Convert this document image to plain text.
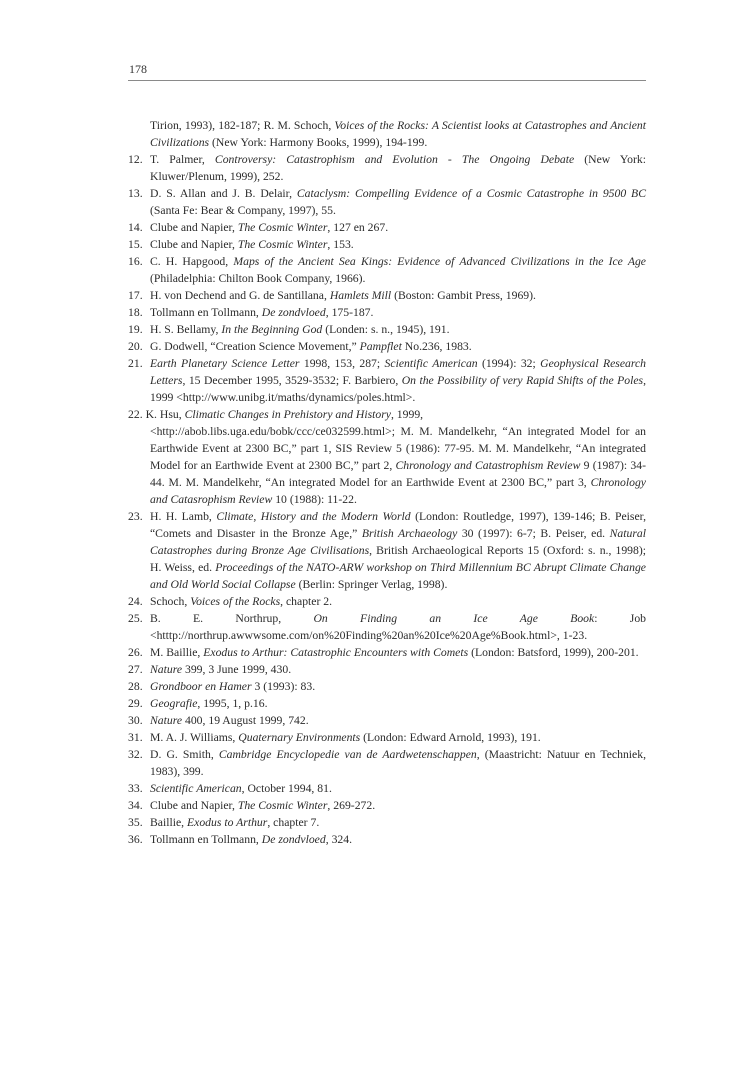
178
Tirion, 1993), 182-187; R. M. Schoch, Voices of the Rocks: A Scientist looks at Catastrophes and Ancient Civilizations (New York: Harmony Books, 1999), 194-199.
12. T. Palmer, Controversy: Catastrophism and Evolution - The Ongoing Debate (New York: Kluwer/Plenum, 1999), 252.
13. D. S. Allan and J. B. Delair, Cataclysm: Compelling Evidence of a Cosmic Catastrophe in 9500 BC (Santa Fe: Bear & Company, 1997), 55.
14. Clube and Napier, The Cosmic Winter, 127 en 267.
15. Clube and Napier, The Cosmic Winter, 153.
16. C. H. Hapgood, Maps of the Ancient Sea Kings: Evidence of Advanced Civilizations in the Ice Age (Philadelphia: Chilton Book Company, 1966).
17. H. von Dechend and G. de Santillana, Hamlets Mill (Boston: Gambit Press, 1969).
18. Tollmann en Tollmann, De zondvloed, 175-187.
19. H. S. Bellamy, In the Beginning God (Londen: s. n., 1945), 191.
20. G. Dodwell, “Creation Science Movement,” Pampflet No.236, 1983.
21. Earth Planetary Science Letter 1998, 153, 287; Scientific American (1994): 32; Geophysical Research Letters, 15 December 1995, 3529-3532; F. Barbiero, On the Possibility of very Rapid Shifts of the Poles, 1999 <http://www.unibg.it/maths/dynamics/poles.html>.
22. K. Hsu, Climatic Changes in Prehistory and History, 1999,
<http://abob.libs.uga.edu/bobk/ccc/ce032599.html>; M. M. Mandelkehr, “An integrated Model for an Earthwide Event at 2300 BC,” part 1, SIS Review 5 (1986): 77-95. M. M. Mandelkehr, “An integrated Model for an Earthwide Event at 2300 BC,” part 2, Chronology and Catastrophism Review 9 (1987): 34-44. M. M. Mandelkehr, “An integrated Model for an Earthwide Event at 2300 BC,” part 3, Chronology and Catasrophism Review 10 (1988): 11-22.
23. H. H. Lamb, Climate, History and the Modern World (London: Routledge, 1997), 139-146; B. Peiser, “Comets and Disaster in the Bronze Age,” British Archaeology 30 (1997): 6-7; B. Peiser, ed. Natural Catastrophes during Bronze Age Civilisations, British Archaeological Reports 15 (Oxford: s. n., 1998); H. Weiss, ed. Proceedings of the NATO-ARW workshop on Third Millennium BC Abrupt Climate Change and Old World Social Collapse (Berlin: Springer Verlag, 1998).
24. Schoch, Voices of the Rocks, chapter 2.
25. B. E. Northrup, On Finding an Ice Age Book: Job <htttp://northrup.awwwsome.com/on%20Finding%20an%20Ice%20Age%Book.html>, 1-23.
26. M. Baillie, Exodus to Arthur: Catastrophic Encounters with Comets (London: Batsford, 1999), 200-201.
27. Nature 399, 3 June 1999, 430.
28. Grondboor en Hamer 3 (1993): 83.
29. Geografie, 1995, 1, p.16.
30. Nature 400, 19 August 1999, 742.
31. M. A. J. Williams, Quaternary Environments (London: Edward Arnold, 1993), 191.
32. D. G. Smith, Cambridge Encyclopedie van de Aardwetenschappen, (Maastricht: Natuur en Techniek, 1983), 399.
33. Scientific American, October 1994, 81.
34. Clube and Napier, The Cosmic Winter, 269-272.
35. Baillie, Exodus to Arthur, chapter 7.
36. Tollmann en Tollmann, De zondvloed, 324.
